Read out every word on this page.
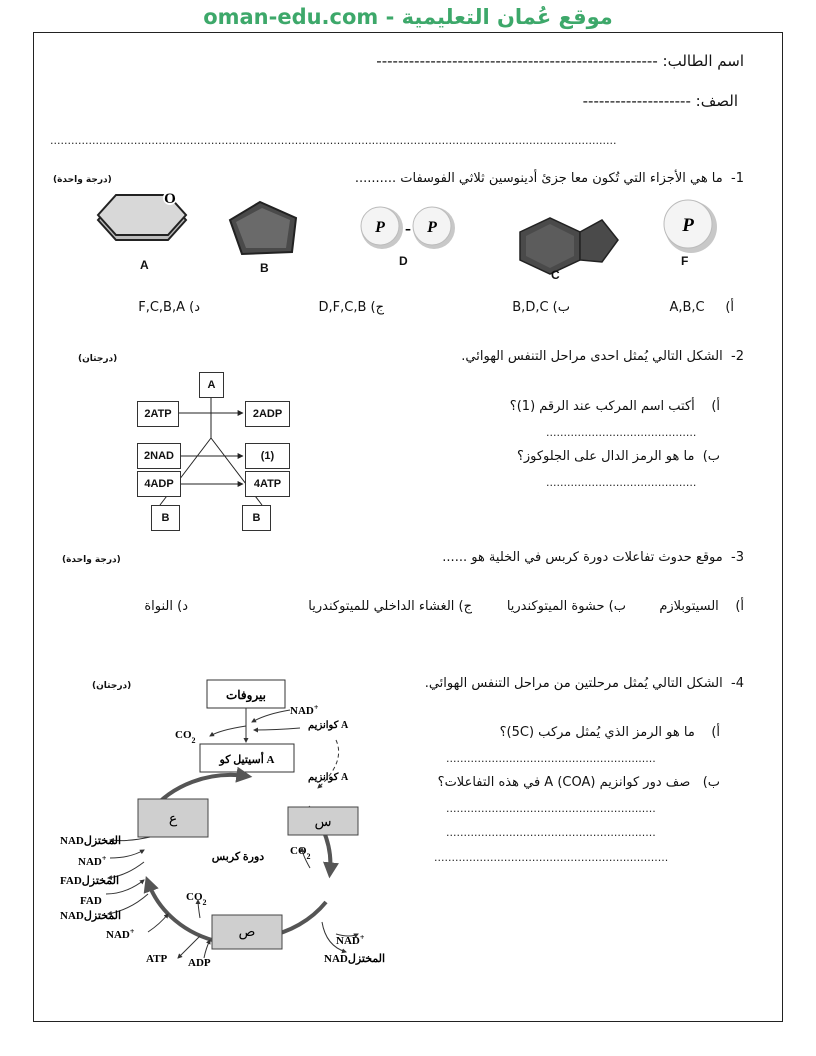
oman-edu.com - موقع عُمان التعليمية
اسم الطالب: ----------------------------------------------------
الصف: --------------------
..................................................................................................................................................................
1-  ما هي الأجزاء التي تُكون معا جزئ أدينوسين ثلاثي الفوسفات ..........
(درجة واحدة)
O
P - P	P
A	B	D
C
F
أ)     A,B,C
ب) B,D,C
ج) D,F,C,B
د) F,C,B,A
2-  الشكل التالي يُمثل احدى مراحل التنفس الهوائي.
(درجتان)
أ)    أكتب اسم المركب عند الرقم (1)؟
...........................................
ب)  ما هو الرمز الدال على الجلوكوز؟
...........................................
A
2ATP	2ADP
2NAD	(1)
4ADP	4ATP
B	B
3-  موقع حدوث تفاعلات دورة كربس في الخلية هو ......
(درجة واحدة)
أ)    السيتوبلازم
ب) حشوة الميتوكندريا
ج) الغشاء الداخلي للميتوكندريا
د) النواة
4-  الشكل التالي يُمثل مرحلتين من مراحل التنفس الهوائي.
(درجتان)
أ)    ما هو الرمز الذي يُمثل مركب (5C)؟
............................................................
ب)   صف دور كوانزيم A (COA) في هذه التفاعلات؟
............................................................
............................................................
...................................................................
بيروفات
NAD+
كوانزيم A
$CO_2$
أسيتيل كو A
كوانزيم A
دورة كربس
ع	س
ص
$CO_2$
$CO_2$
NADالمختزل
NAD+
FADالمختزل
FAD
NADالمختزل
NAD+
ATP ADP
NAD+
NADالمختزل
